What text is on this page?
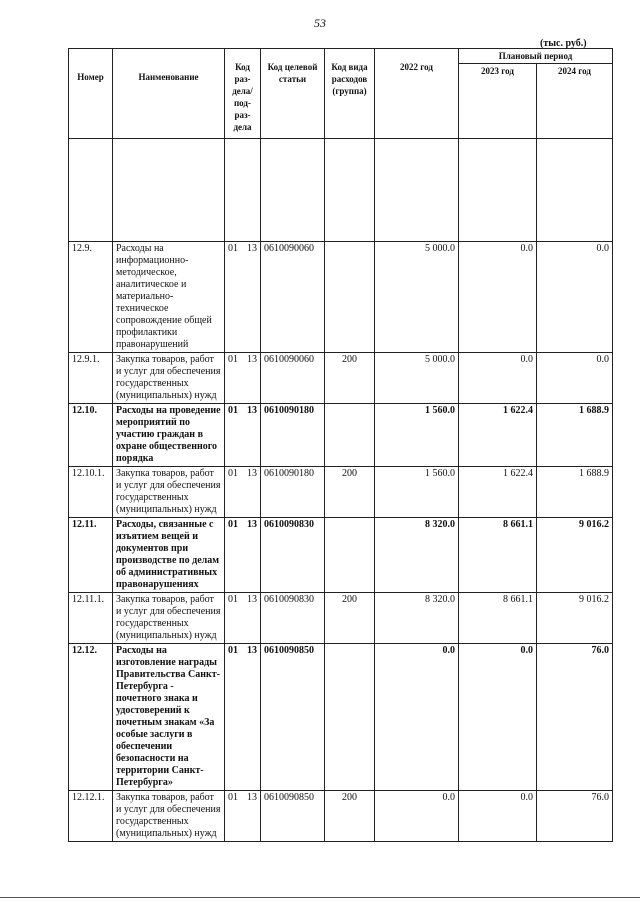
53
(тыс. руб.)
Номер	Наименование	Код раз-дела/ под-раз-дела	Код целевой статьи	Код вида расходов (группа)	2022 год	Плановый период	
						2023 год	2024 год

12.9.	Расходы на информационно-методическое, аналитическое и материально-техническое сопровождение общей профилактики правонарушений	01 13	0610090060		5 000.0	0.0	0.0
12.9.1.	Закупка товаров, работ и услуг для обеспечения государственных (муниципальных) нужд	01 13	0610090060	200	5 000.0	0.0	0.0
12.10.	Расходы на проведение мероприятий по участию граждан в охране общественного порядка	01 13	0610090180		1 560.0	1 622.4	1 688.9
12.10.1.	Закупка товаров, работ и услуг для обеспечения государственных (муниципальных) нужд	01 13	0610090180	200	1 560.0	1 622.4	1 688.9
12.11.	Расходы, связанные с изъятием вещей и документов при производстве по делам об административных правонарушениях	01 13	0610090830		8 320.0	8 661.1	9 016.2
12.11.1.	Закупка товаров, работ и услуг для обеспечения государственных (муниципальных) нужд	01 13	0610090830	200	8 320.0	8 661.1	9 016.2
12.12.	Расходы на изготовление награды Правительства Санкт-Петербурга - почетного знака и удостоверений к почетным знакам «За особые заслуги в обеспечении безопасности на территории Санкт-Петербурга»	01 13	0610090850		0.0	0.0	76.0
12.12.1.	Закупка товаров, работ и услуг для обеспечения государственных (муниципальных) нужд	01 13	0610090850	200	0.0	0.0	76.0
